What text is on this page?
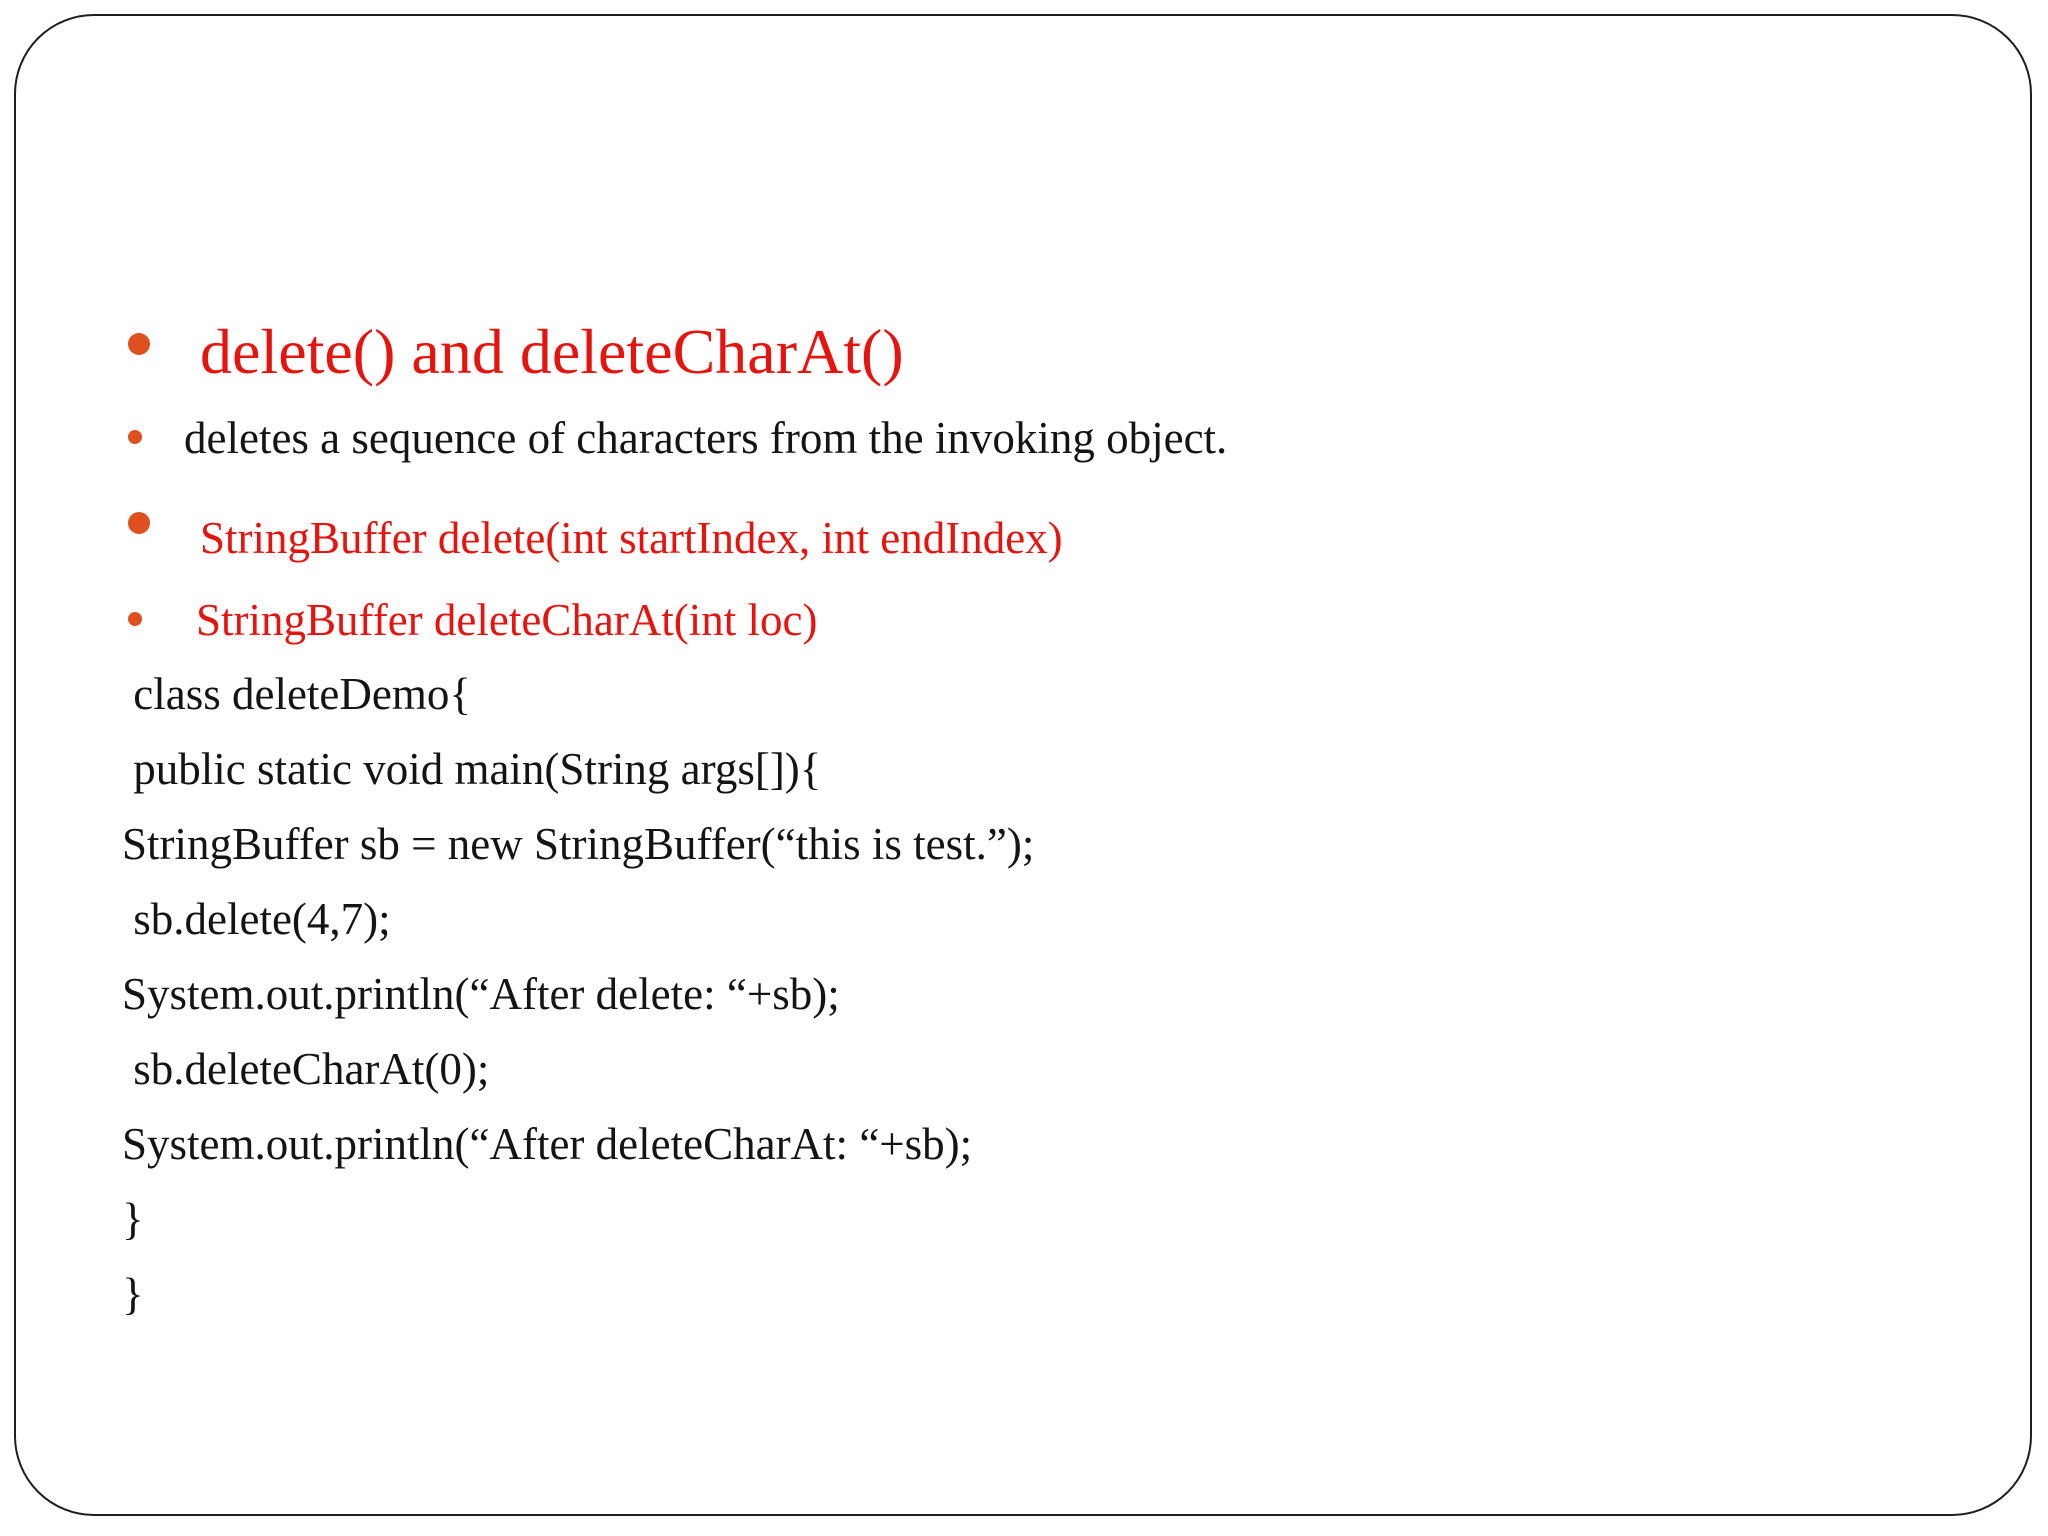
delete() and deleteCharAt()
deletes a sequence of characters from the invoking object.
StringBuffer delete(int startIndex, int endIndex)
StringBuffer deleteCharAt(int loc)
class deleteDemo{
public static void main(String args[]){
StringBuffer sb = new StringBuffer(“this is test.”);
sb.delete(4,7);
System.out.println(“After delete: “+sb);
sb.deleteCharAt(0);
System.out.println(“After deleteCharAt: “+sb);
}
}
